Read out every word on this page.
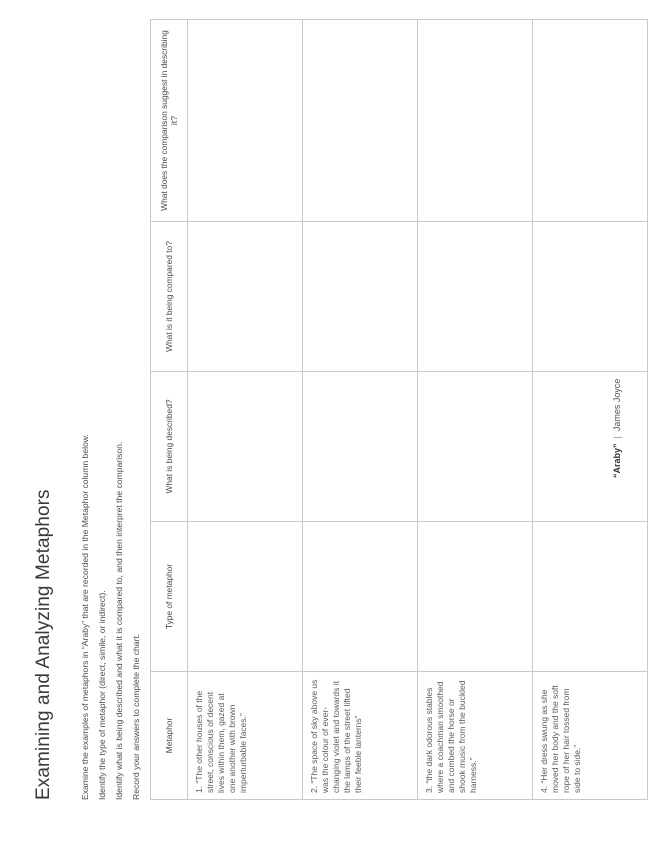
Examining and Analyzing Metaphors	Examine the examples of metaphors in “Araby” that are recorded in the Metaphor column below. Identify the type of metaphor (direct, simile, or indirect). Identify what is being described and what it is compared to, and then interpret the comparison. Record your answers to complete the chart.	Metaphor	Type of metaphor	What is being described?	What is it being compared to?	What does the comparison suggest in describing it?
1. “The other houses of the street, conscious of decent lives within them, gazed at one another with brown imperturbable faces.”				
2. “The space of sky above us was the colour of ever-changing violet and towards it the lamps of the street lifted their feeble lanterns”				
3. “the dark odorous stables where a coachman smoothed and combed the horse or shook music from the buckled harness.”				
4. “Her dress swung as she moved her body and the soft rope of her hair tossed from side to side.”				
“Araby”|James Joyce
